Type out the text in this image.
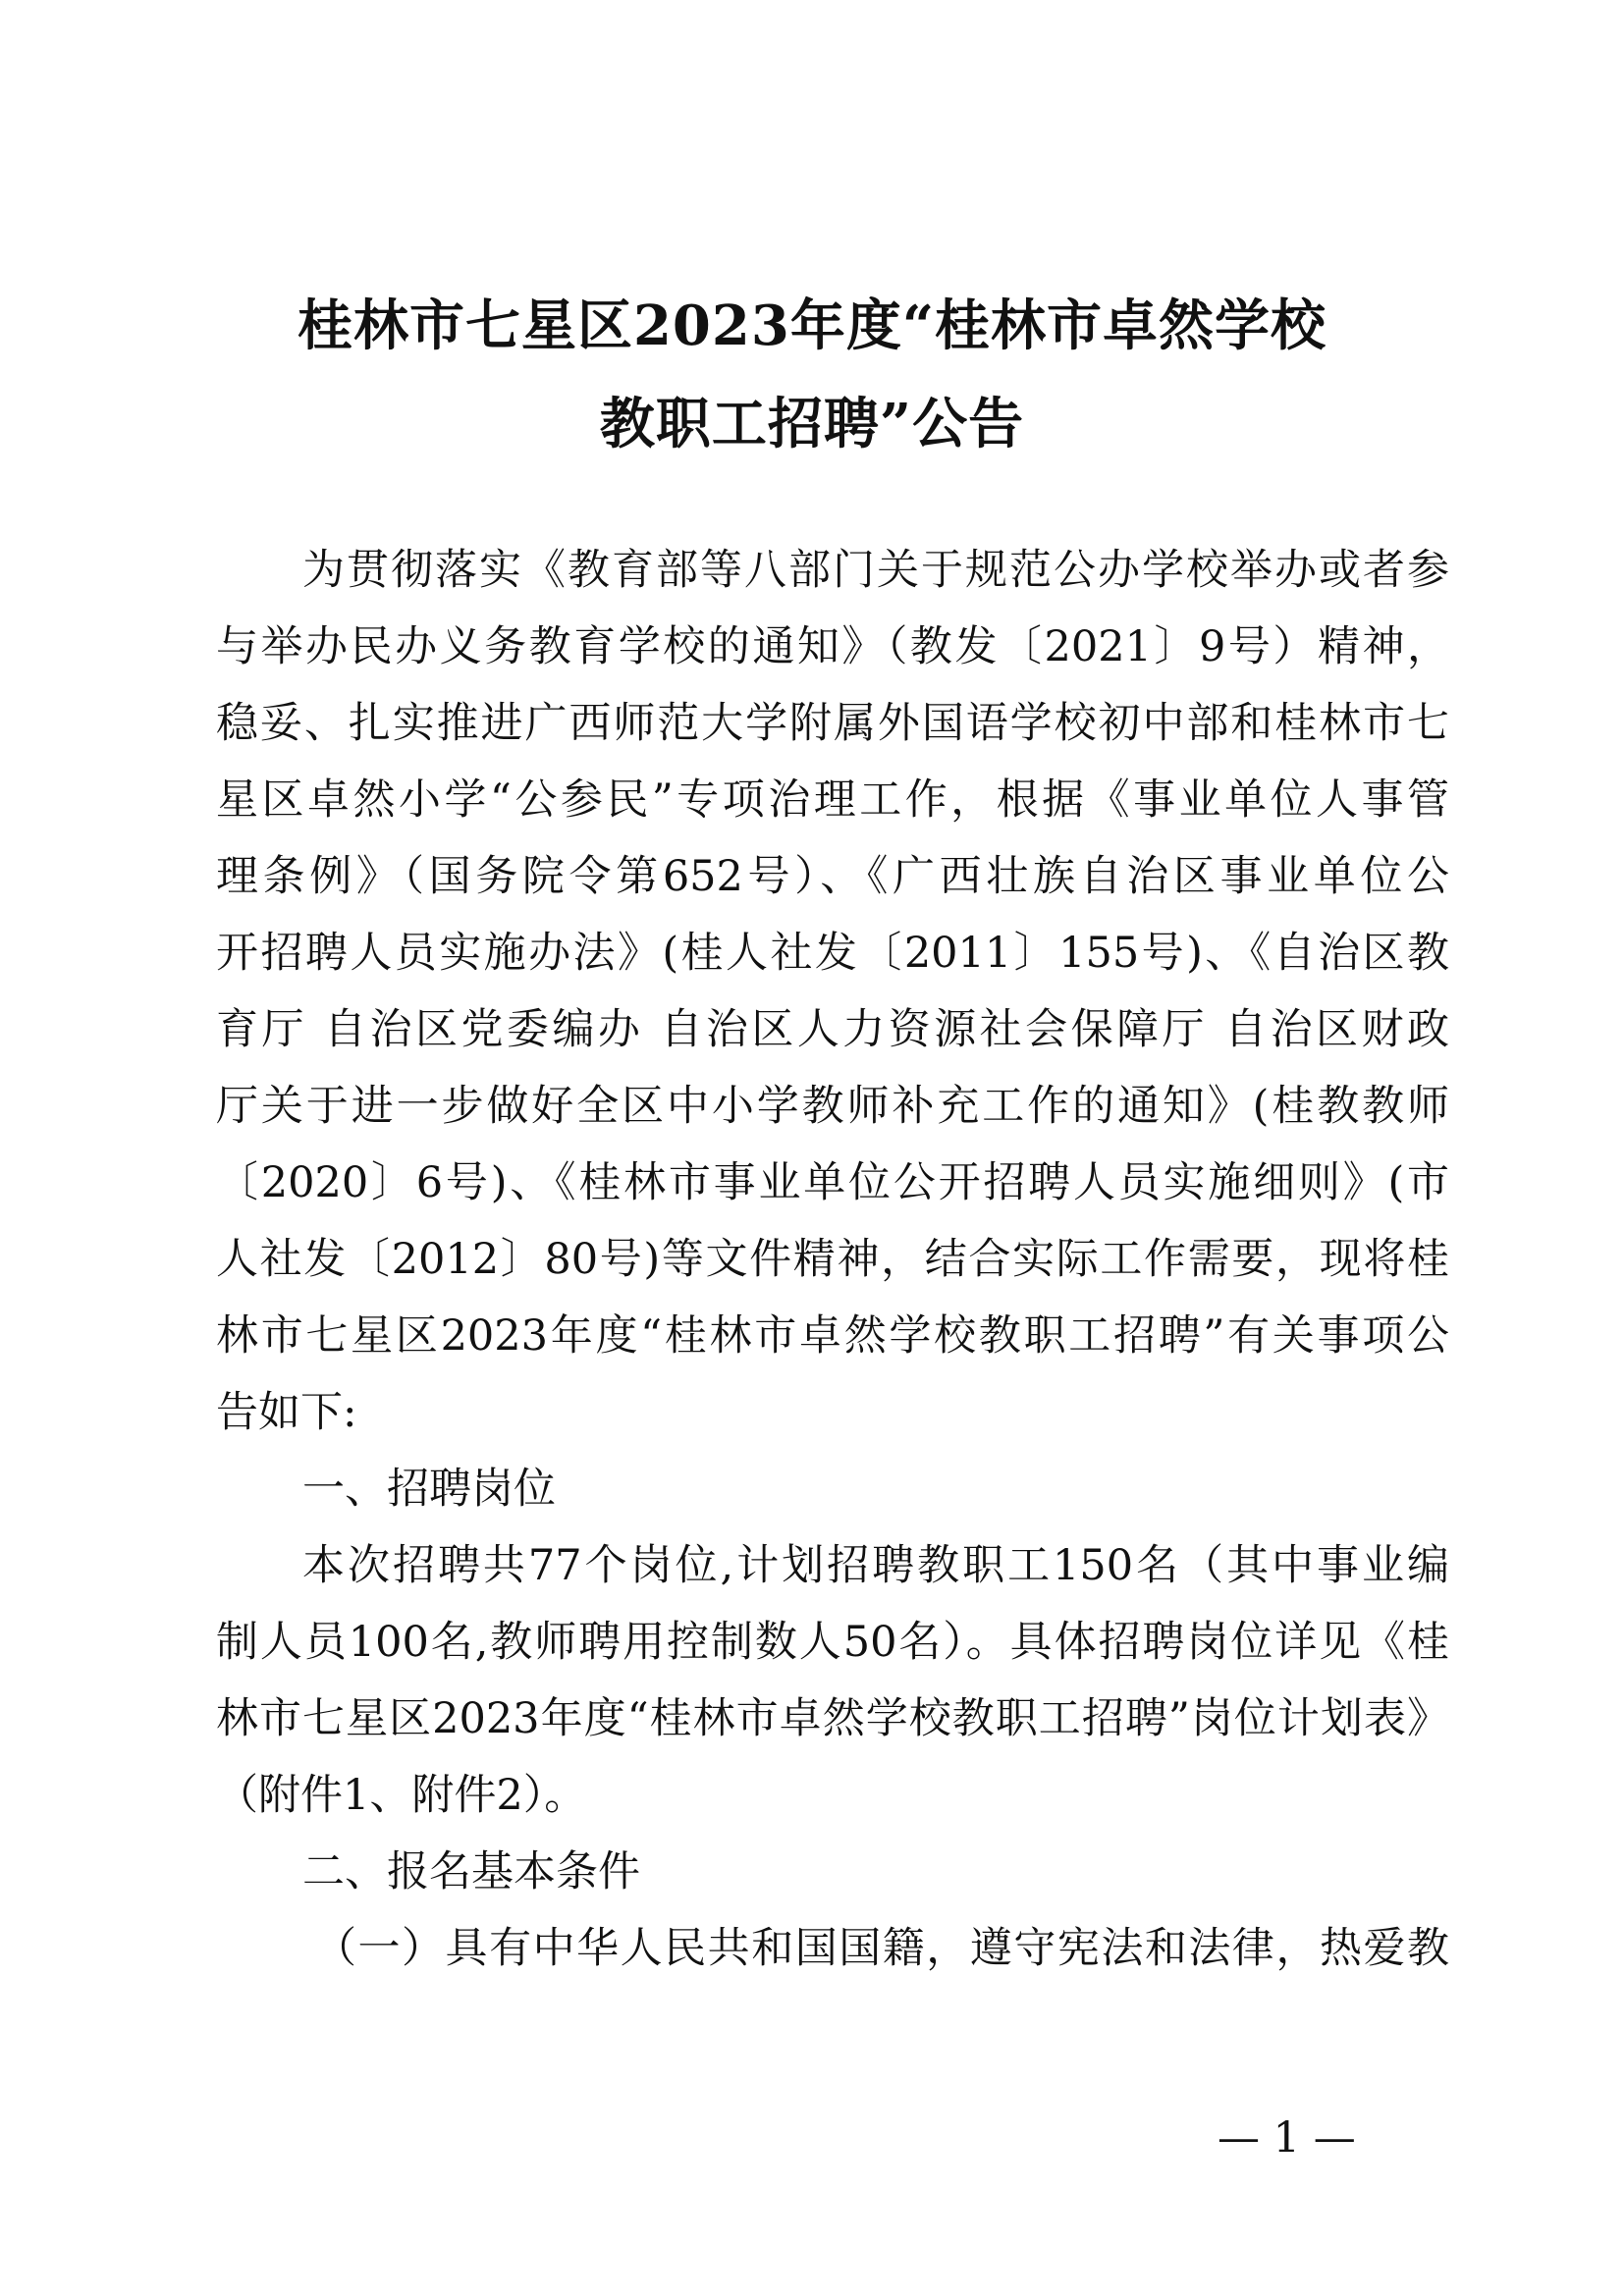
桂林市七星区2023年度“桂林市卓然学校
教职工招聘”公告

为贯彻落实《教育部等八部门关于规范公办学校举办或者参

与举办民办义务教育学校的通知》（教发〔2021〕9号）精神，

稳妥、扎实推进广西师范大学附属外国语学校初中部和桂林市七

星区卓然小学“公参民”专项治理工作，根据《事业单位人事管

理条例》（国务院令第652号）、《广西壮族自治区事业单位公

开招聘人员实施办法》(桂人社发〔2011〕155号)、《自治区教

育厅 自治区党委编办 自治区人力资源社会保障厅 自治区财政

厅关于进一步做好全区中小学教师补充工作的通知》(桂教教师

〔2020〕6号)、《桂林市事业单位公开招聘人员实施细则》(市

人社发〔2012〕80号)等文件精神，结合实际工作需要，现将桂

林市七星区2023年度“桂林市卓然学校教职工招聘”有关事项公

告如下:

一、招聘岗位

本次招聘共77个岗位,计划招聘教职工150名（其中事业编

制人员100名,教师聘用控制数人50名）。具体招聘岗位详见《桂

林市七星区2023年度“桂林市卓然学校教职工招聘”岗位计划表》

（附件1、附件2）。

二、报名基本条件

（一）具有中华人民共和国国籍，遵守宪法和法律，热爱教

— 1 —
